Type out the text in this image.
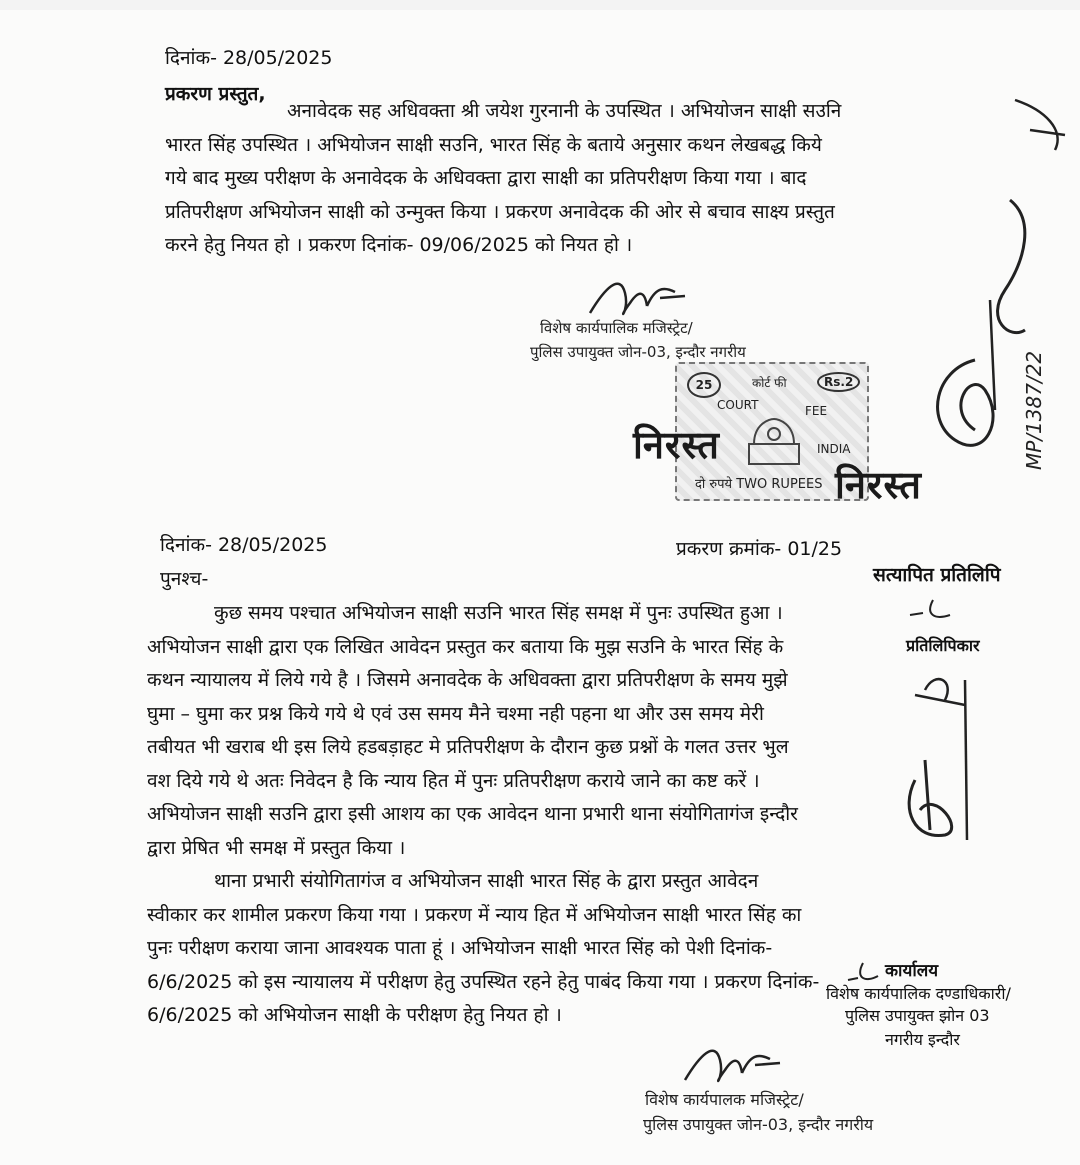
दिनांक- 28/05/2025
प्रकरण प्रस्तुत,
अनावेदक सह अधिवक्ता श्री जयेश गुरनानी के उपस्थित । अभियोजन साक्षी सउनि
भारत सिंह उपस्थित । अभियोजन साक्षी सउनि, भारत सिंह के बताये अनुसार कथन लेखबद्ध किये
गये बाद मुख्य परीक्षण के अनावेदक के अधिवक्ता द्वारा साक्षी का प्रतिपरीक्षण किया गया । बाद
प्रतिपरीक्षण अभियोजन साक्षी को उन्मुक्त किया । प्रकरण अनावेदक की ओर से बचाव साक्ष्य प्रस्तुत
करने हेतु नियत हो । प्रकरण दिनांक- 09/06/2025 को नियत हो ।
विशेष कार्यपालिक मजिस्ट्रेट/
पुलिस उपायुक्त जोन-03, इन्दौर नगरीय
25	कोर्ट फी	Rs.2
COURT	FEE
INDIA
दो रुपये TWO RUPEES
निरस्त
निरस्त
MP/1387/22
दिनांक- 28/05/2025	प्रकरण क्रमांक- 01/25
पुनश्च-
कुछ समय पश्चात अभियोजन साक्षी सउनि भारत सिंह समक्ष में पुनः उपस्थित हुआ ।
अभियोजन साक्षी द्वारा एक लिखित आवेदन प्रस्तुत कर बताया कि मुझ सउनि के भारत सिंह के
कथन न्यायालय में लिये गये है । जिसमे अनावदेक के अधिवक्ता द्वारा प्रतिपरीक्षण के समय मुझे
घुमा – घुमा कर प्रश्न किये गये थे एवं उस समय मैने चश्मा नही पहना था और उस समय मेरी
तबीयत भी खराब थी इस लिये हडबड़ाहट मे प्रतिपरीक्षण के दौरान कुछ प्रश्नों के गलत उत्तर भुल
वश दिये गये थे अतः निवेदन है कि न्याय हित में पुनः प्रतिपरीक्षण कराये जाने का कष्ट करें ।
अभियोजन साक्षी सउनि द्वारा इसी आशय का एक आवेदन थाना प्रभारी थाना संयोगितागंज इन्दौर
द्वारा प्रेषित भी समक्ष में प्रस्तुत किया ।
थाना प्रभारी संयोगितागंज व अभियोजन साक्षी भारत सिंह के द्वारा प्रस्तुत आवेदन
स्वीकार कर शामील प्रकरण किया गया । प्रकरण में न्याय हित में अभियोजन साक्षी भारत सिंह का
पुनः परीक्षण कराया जाना आवश्यक पाता हूं । अभियोजन साक्षी भारत सिंह को पेशी दिनांक-
6/6/2025 को इस न्यायालय में परीक्षण हेतु उपस्थित रहने हेतु पाबंद किया गया । प्रकरण दिनांक-
6/6/2025 को अभियोजन साक्षी के परीक्षण हेतु नियत हो ।
सत्यापित प्रतिलिपि
प्रतिलिपिकार
कार्यालय
विशेष कार्यपालिक दण्डाधिकारी/
पुलिस उपायुक्त झोन 03
नगरीय इन्दौर
विशेष कार्यपालक मजिस्ट्रेट/
पुलिस उपायुक्त जोन-03, इन्दौर नगरीय
